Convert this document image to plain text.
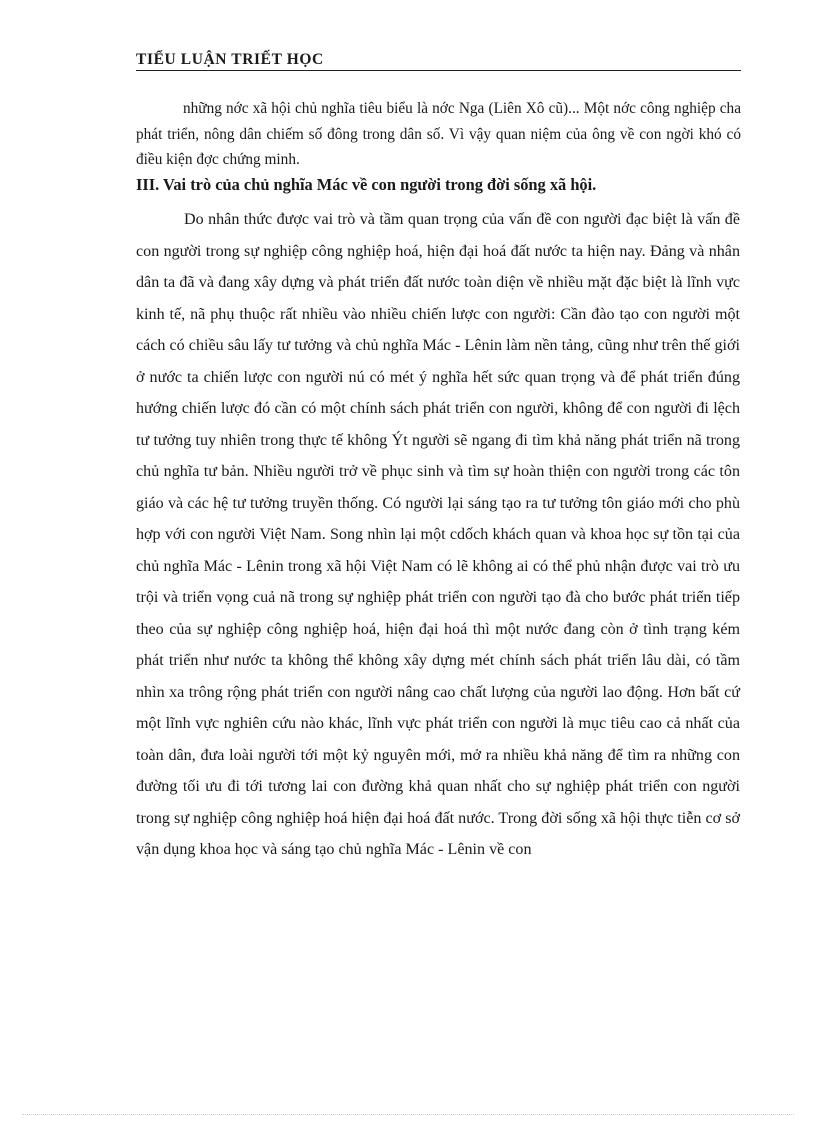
TIỂU LUẬN TRIẾT HỌC

những nớc xã hội chủ nghĩa tiêu biểu là nớc Nga (Liên Xô cũ)... Một nớc công nghiệp cha phát triển, nông dân chiếm số đông trong dân số. Vì vậy quan niệm của ông về con ngời khó có điều kiện đợc chứng minh.

III. Vai trò của chủ nghĩa Mác về con người trong đời sống xã hội.

Do nhân thức được vai trò và tầm quan trọng của vấn đề con người đạc biệt là vấn đề con người trong sự nghiệp công nghiệp hoá, hiện đại hoá đất nước ta hiện nay. Đảng và nhân dân ta đã và đang xây dựng và phát triển đất nước toàn diện về nhiều mặt đặc biệt là lĩnh vực kinh tế, nã phụ thuộc rất nhiều vào nhiều chiến lược con người: Cần đào tạo con người một cách có chiều sâu lấy tư tưởng và chủ nghĩa Mác - Lênin làm nền tảng, cũng như trên thế giới ở nước ta chiến lược con người nú có mét ý nghĩa hết sức quan trọng và để phát triển đúng hướng chiến lược đó cần có một chính sách phát triển con người, không để con người đi lệch tư tưởng tuy nhiên trong thực tế không Ýt người sẽ ngang đi tìm khả năng phát triển nã trong chủ nghĩa tư bản. Nhiều người trở về phục sinh và tìm sự hoàn thiện con người trong các tôn giáo và các hệ tư tưởng truyền thống. Có người lại sáng tạo ra tư tưởng tôn giáo mới cho phù hợp với con người Việt Nam. Song nhìn lại một cdốch khách quan và khoa học sự tồn tại của chủ nghĩa Mác - Lênin trong xã hội Việt Nam có lẽ không ai có thể phủ nhận được vai trò ưu trội và triển vọng cuả nã trong sự nghiệp phát triển con người tạo đà cho bước phát triển tiếp theo của sự nghiệp công nghiệp hoá, hiện đại hoá thì một nước đang còn ở tình trạng kém phát triển như nước ta không thể không xây dựng mét chính sách phát triển lâu dài, có tầm nhìn xa trông rộng phát triển con người nâng cao chất lượng của người lao động. Hơn bất cứ một lĩnh vực nghiên cứu nào khác, lĩnh vực phát triển con người là mục tiêu cao cả nhất của toàn dân, đưa loài người tới một kỷ nguyên mới, mở ra nhiều khả năng để tìm ra những con đường tối ưu đi tới tương lai con đường khả quan nhất cho sự nghiệp phát triển con người trong sự nghiệp công nghiệp hoá hiện đại hoá đất nước. Trong đời sống xã hội thực tiễn cơ sở vận dụng khoa học và sáng tạo chủ nghĩa Mác - Lênin về con
